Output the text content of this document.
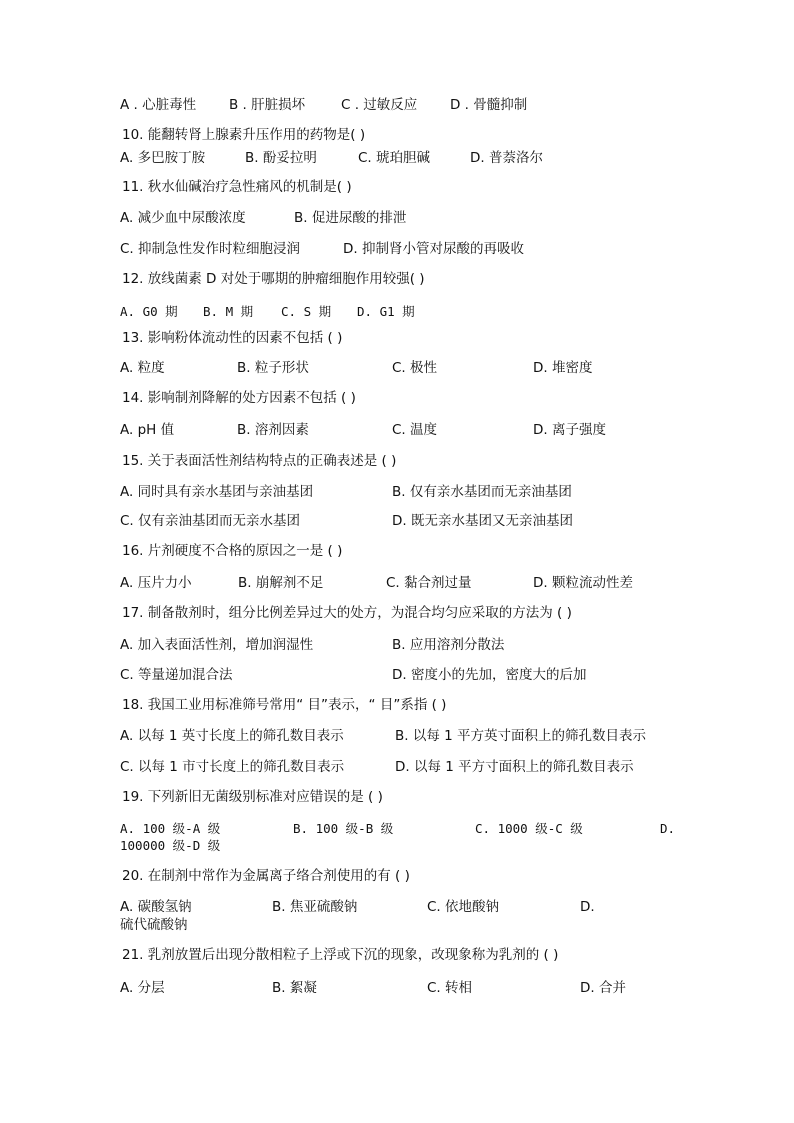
A . 心脏毒性 B . 肝脏损坏	C . 过敏反应 D . 骨髓抑制
10. 能翻转肾上腺素升压作用的药物是( )
A. 多巴胺丁胺	B. 酚妥拉明	C. 琥珀胆碱	D. 普萘洛尔
11. 秋水仙碱治疗急性痛风的机制是( )
A. 减少血中尿酸浓度	B. 促进尿酸的排泄
C. 抑制急性发作时粒细胞浸润	D. 抑制肾小管对尿酸的再吸收
12. 放线菌素 D 对处于哪期的肿瘤细胞作用较强( )
A. G0 期 B. M 期 C. S 期 D. G1 期
13. 影响粉体流动性的因素不包括 ( )
A. 粒度	B. 粒子形状	C. 极性	D. 堆密度
14. 影响制剂降解的处方因素不包括 ( )
A. pH 值	B. 溶剂因素	C. 温度	D. 离子强度
15. 关于表面活性剂结构特点的正确表述是 ( )
A. 同时具有亲水基团与亲油基团	B. 仅有亲水基团而无亲油基团
C. 仅有亲油基团而无亲水基团	D. 既无亲水基团又无亲油基团
16. 片剂硬度不合格的原因之一是 ( )
A. 压片力小	B. 崩解剂不足	C. 黏合剂过量	D. 颗粒流动性差
17. 制备散剂时，组分比例差异过大的处方，为混合均匀应采取的方法为 ( )
A. 加入表面活性剂，增加润湿性	B. 应用溶剂分散法
C. 等量递加混合法	D. 密度小的先加，密度大的后加
18. 我国工业用标准筛号常用“ 目”表示，“ 目”系指 ( )
A. 以每 1 英寸长度上的筛孔数目表示	B. 以每 1 平方英寸面积上的筛孔数目表示
C. 以每 1 市寸长度上的筛孔数目表示	D. 以每 1 平方寸面积上的筛孔数目表示
19. 下列新旧无菌级别标准对应错误的是 ( )
A. 100 级-A 级	B. 100 级-B 级	C. 1000 级-C 级	D.
100000 级-D 级
20. 在制剂中常作为金属离子络合剂使用的有 ( )
A. 碳酸氢钠	B. 焦亚硫酸钠	C. 依地酸钠	D.
硫代硫酸钠
21. 乳剂放置后出现分散相粒子上浮或下沉的现象，改现象称为乳剂的 ( )
A. 分层	B. 絮凝	C. 转相	D. 合并
